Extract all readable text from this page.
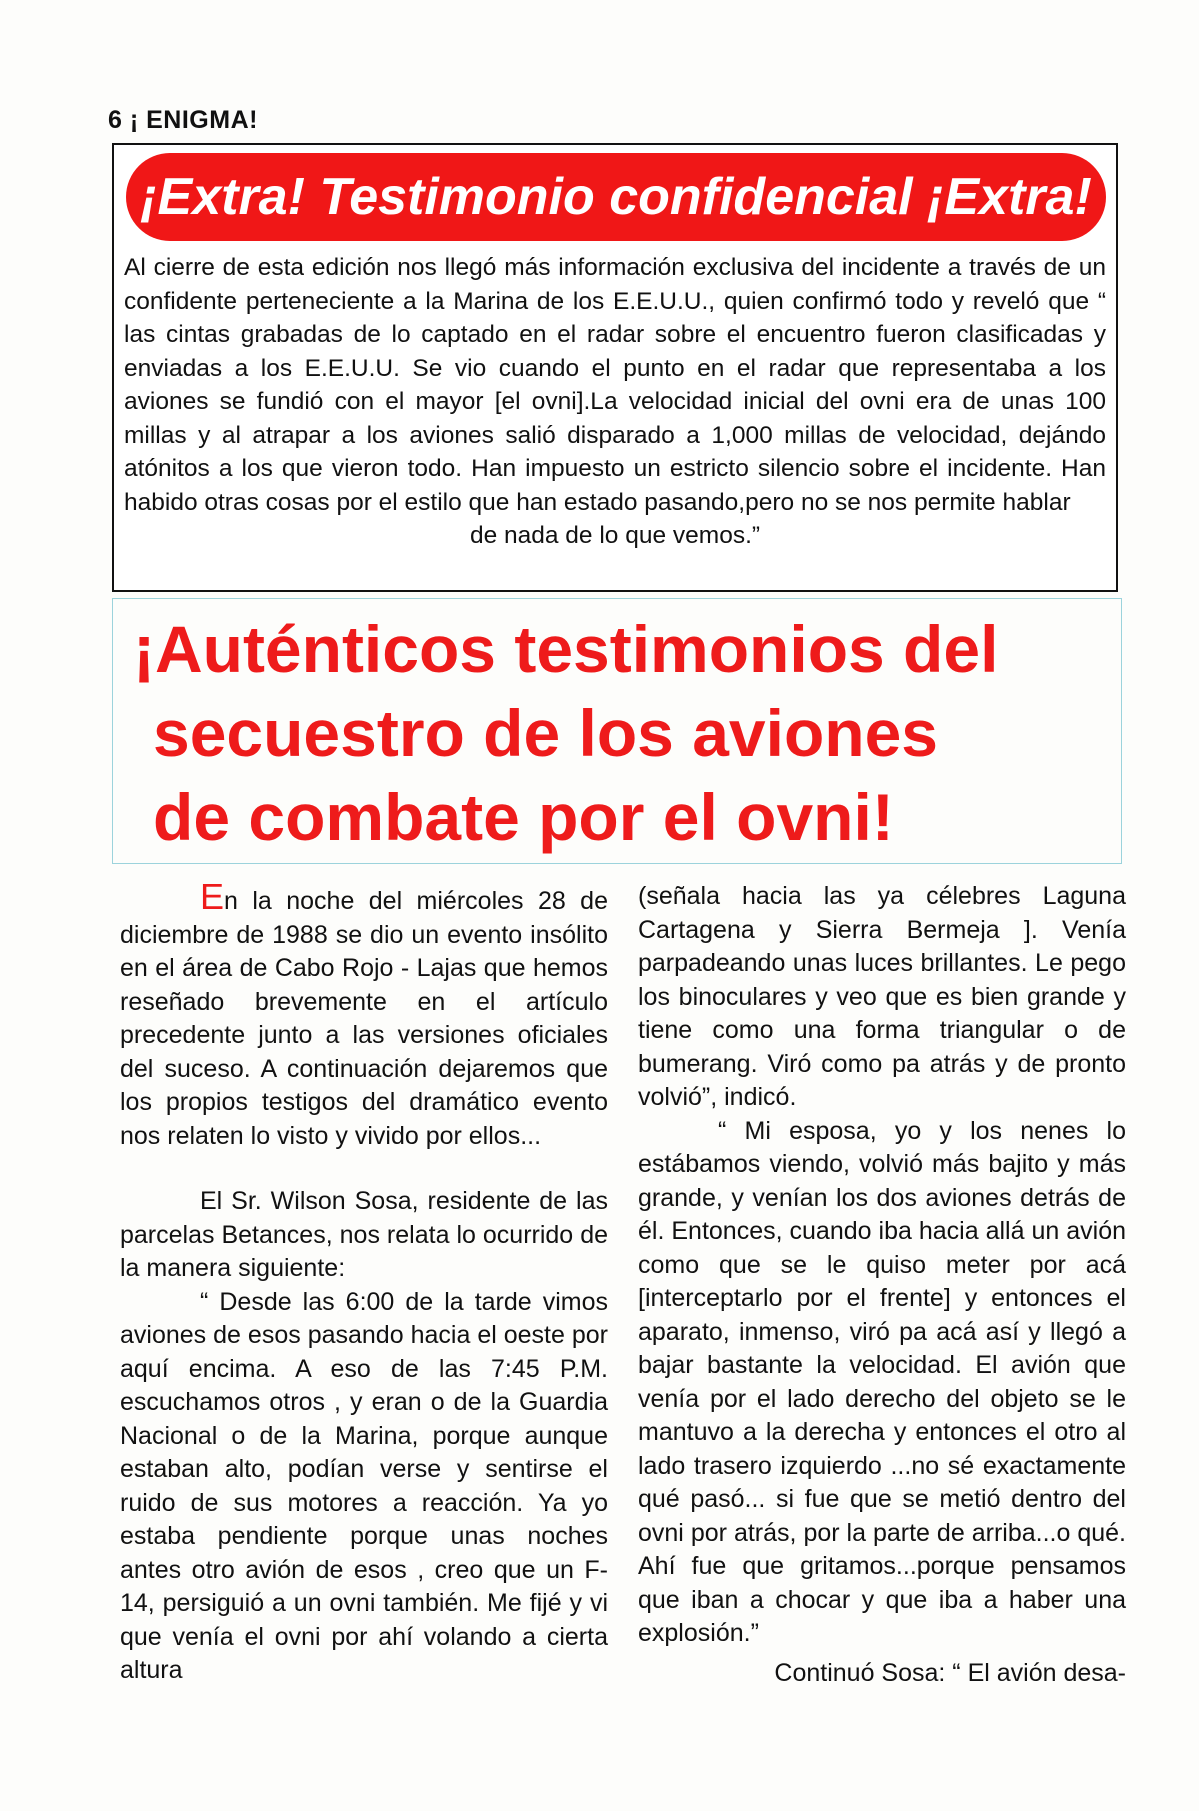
6 ¡ ENIGMA!
¡Extra! Testimonio confidencial ¡Extra!
Al cierre de esta edición nos llegó más información exclusiva del incidente a través de un confidente perteneciente a la Marina de los E.E.U.U., quien confirmó todo y reveló que “ las cintas grabadas de lo captado en el radar sobre el encuentro fueron clasificadas y enviadas a los E.E.U.U. Se vio cuando el punto en el radar que representaba a los aviones se fundió con el mayor [el ovni].La velocidad inicial del ovni era de unas 100 millas y al atrapar a los aviones salió disparado a 1,000 millas de velocidad, dejándo atónitos a los que vieron todo. Han impuesto un estricto silencio sobre el incidente. Han habido otras cosas por el estilo que han estado pasando,pero no se nos permite hablar
de nada de lo que vemos.”
¡Auténticos testimonios del
secuestro de los aviones
de combate por el ovni!

En la noche del miércoles 28 de diciembre de 1988 se dio un evento insólito en el área de Cabo Rojo - Lajas que hemos reseñado brevemente en el artículo precedente junto a las versiones oficiales del suceso. A continuación dejaremos que los propios testigos del dramático evento nos relaten lo visto y vivido por ellos...

El Sr. Wilson Sosa, residente de las parcelas Betances, nos relata lo ocurrido de la manera siguiente:

“ Desde las 6:00 de la tarde vimos aviones de esos pasando hacia el oeste por aquí encima. A eso de las 7:45 P.M. escuchamos otros , y eran o de la Guardia Nacional o de la Marina, porque aunque estaban alto, podían verse y sentirse el ruido de sus motores a reacción. Ya yo estaba pendiente porque unas noches antes otro avión de esos , creo que un F-14, persiguió a un ovni también. Me fijé y vi que venía el ovni por ahí volando a cierta altura

(señala hacia las ya célebres Laguna Cartagena y Sierra Bermeja ]. Venía parpadeando unas luces brillantes. Le pego los binoculares y veo que es bien grande y tiene como una forma triangular o de bumerang. Viró como pa atrás y de pronto volvió”, indicó.

“ Mi esposa, yo y los nenes lo estábamos viendo, volvió más bajito y más grande, y venían los dos aviones detrás de él. Entonces, cuando iba hacia allá un avión como que se le quiso meter por acá [interceptarlo por el frente] y entonces el aparato, inmenso, viró pa acá así y llegó a bajar bastante la velocidad. El avión que venía por el lado derecho del objeto se le mantuvo a la derecha y entonces el otro al lado trasero izquierdo ...no sé exactamente qué pasó... si fue que se metió dentro del ovni por atrás, por la parte de arriba...o qué. Ahí fue que gritamos...porque pensamos que iban a chocar y que iba a haber una explosión.”

Continuó Sosa: “ El avión desa-
